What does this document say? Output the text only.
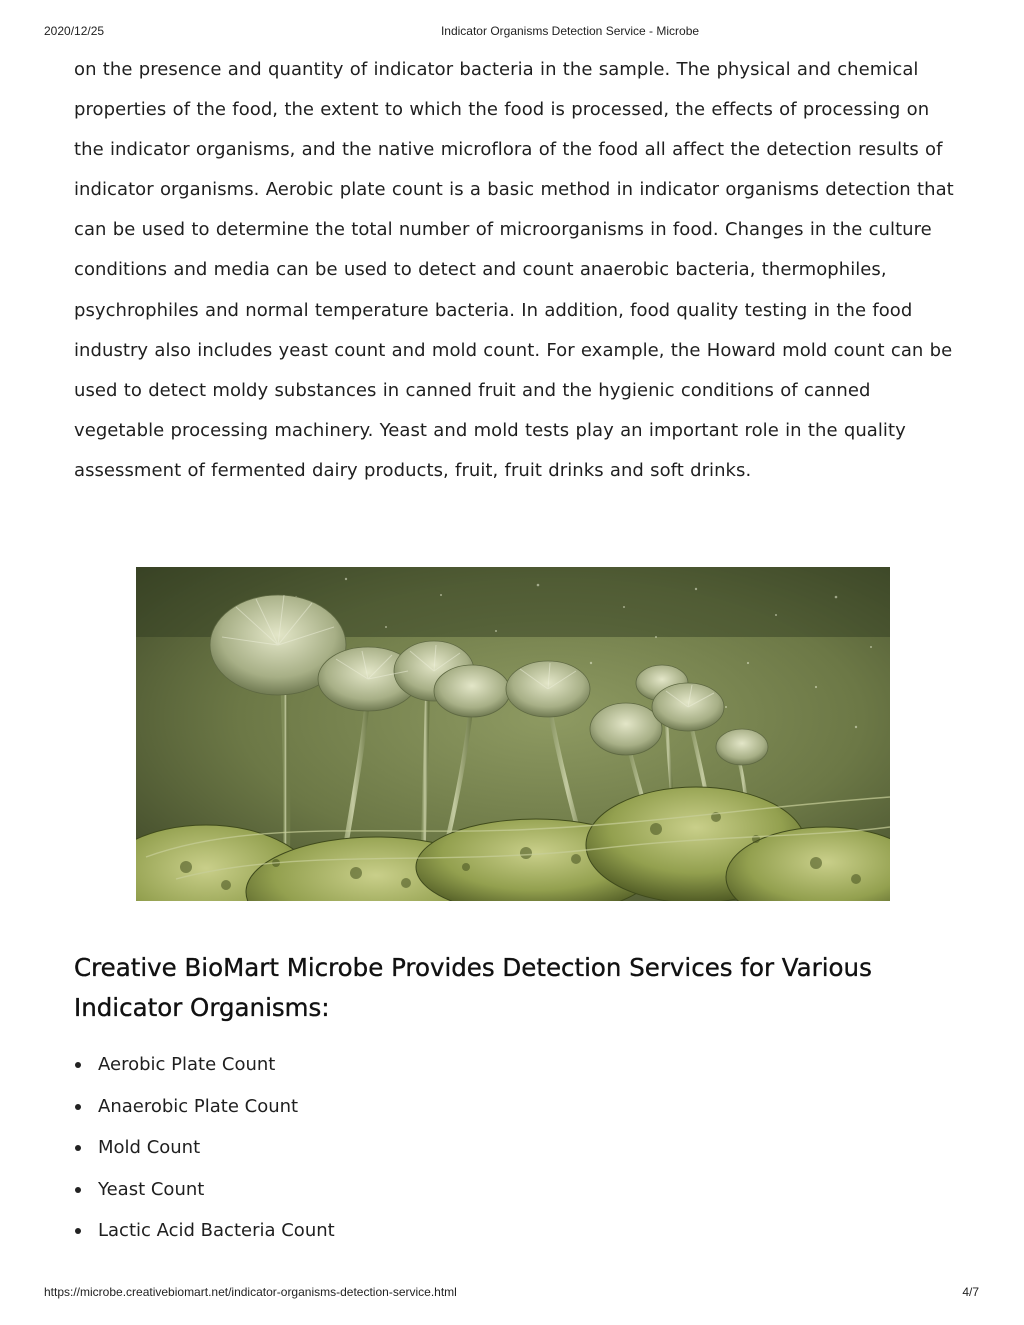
2020/12/25	Indicator Organisms Detection Service - Microbe

on the presence and quantity of indicator bacteria in the sample. The physical and chemical properties of the food, the extent to which the food is processed, the effects of processing on the indicator organisms, and the native microflora of the food all affect the detection results of indicator organisms. Aerobic plate count is a basic method in indicator organisms detection that can be used to determine the total number of microorganisms in food. Changes in the culture conditions and media can be used to detect and count anaerobic bacteria, thermophiles, psychrophiles and normal temperature bacteria. In addition, food quality testing in the food industry also includes yeast count and mold count. For example, the Howard mold count can be used to detect moldy substances in canned fruit and the hygienic conditions of canned vegetable processing machinery. Yeast and mold tests play an important role in the quality assessment of fermented dairy products, fruit, fruit drinks and soft drinks.

Creative BioMart Microbe Provides Detection Services for Various Indicator Organisms:
Aerobic Plate Count
Anaerobic Plate Count
Mold Count
Yeast Count
Lactic Acid Bacteria Count
https://microbe.creativebiomart.net/indicator-organisms-detection-service.html	4/7
